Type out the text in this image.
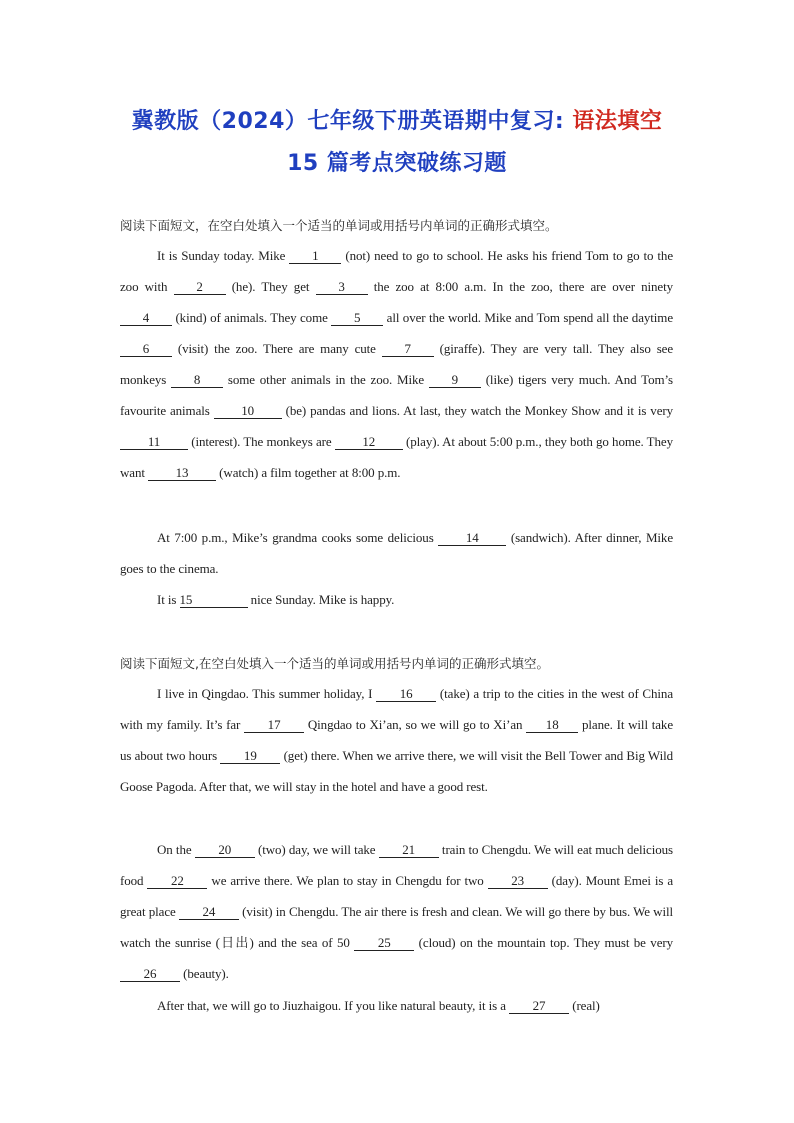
冀教版（2024）七年级下册英语期中复习: 语法填空
15 篇考点突破练习题
阅读下面短文，在空白处填入一个适当的单词或用括号内单词的正确形式填空。
It is Sunday today. Mike 1 (not) need to go to school. He asks his friend Tom to go to the zoo with 2 (he). They get 3 the zoo at 8:00 a.m. In the zoo, there are over ninety 4 (kind) of animals. They come 5 all over the world. Mike and Tom spend all the daytime 6 (visit) the zoo. There are many cute 7 (giraffe). They are very tall. They also see monkeys 8 some other animals in the zoo. Mike 9 (like) tigers very much. And Tom’s favourite animals 10 (be) pandas and lions. At last, they watch the Monkey Show and it is very 11 (interest). The monkeys are 12 (play). At about 5:00 p.m., they both go home. They want 13 (watch) a film together at 8:00 p.m.
At 7:00 p.m., Mike’s grandma cooks some delicious 14 (sandwich). After dinner, Mike goes to the cinema.
It is 15	nice Sunday. Mike is happy.
阅读下面短文,在空白处填入一个适当的单词或用括号内单词的正确形式填空。
I live in Qingdao. This summer holiday, I 16 (take) a trip to the cities in the west of China with my family. It’s far 17 Qingdao to Xi’an, so we will go to Xi’an 18 plane. It will take us about two hours 19 (get) there. When we arrive there, we will visit the Bell Tower and Big Wild Goose Pagoda. After that, we will stay in the hotel and have a good rest.
On the 20 (two) day, we will take 21 train to Chengdu. We will eat much delicious food 22 we arrive there. We plan to stay in Chengdu for two 23 (day). Mount Emei is a great place 24 (visit) in Chengdu. The air there is fresh and clean. We will go there by bus. We will watch the sunrise (日出) and the sea of 50 25 (cloud) on the mountain top. They must be very 26 (beauty).
After that, we will go to Jiuzhaigou. If you like natural beauty, it is a 27 (real)
